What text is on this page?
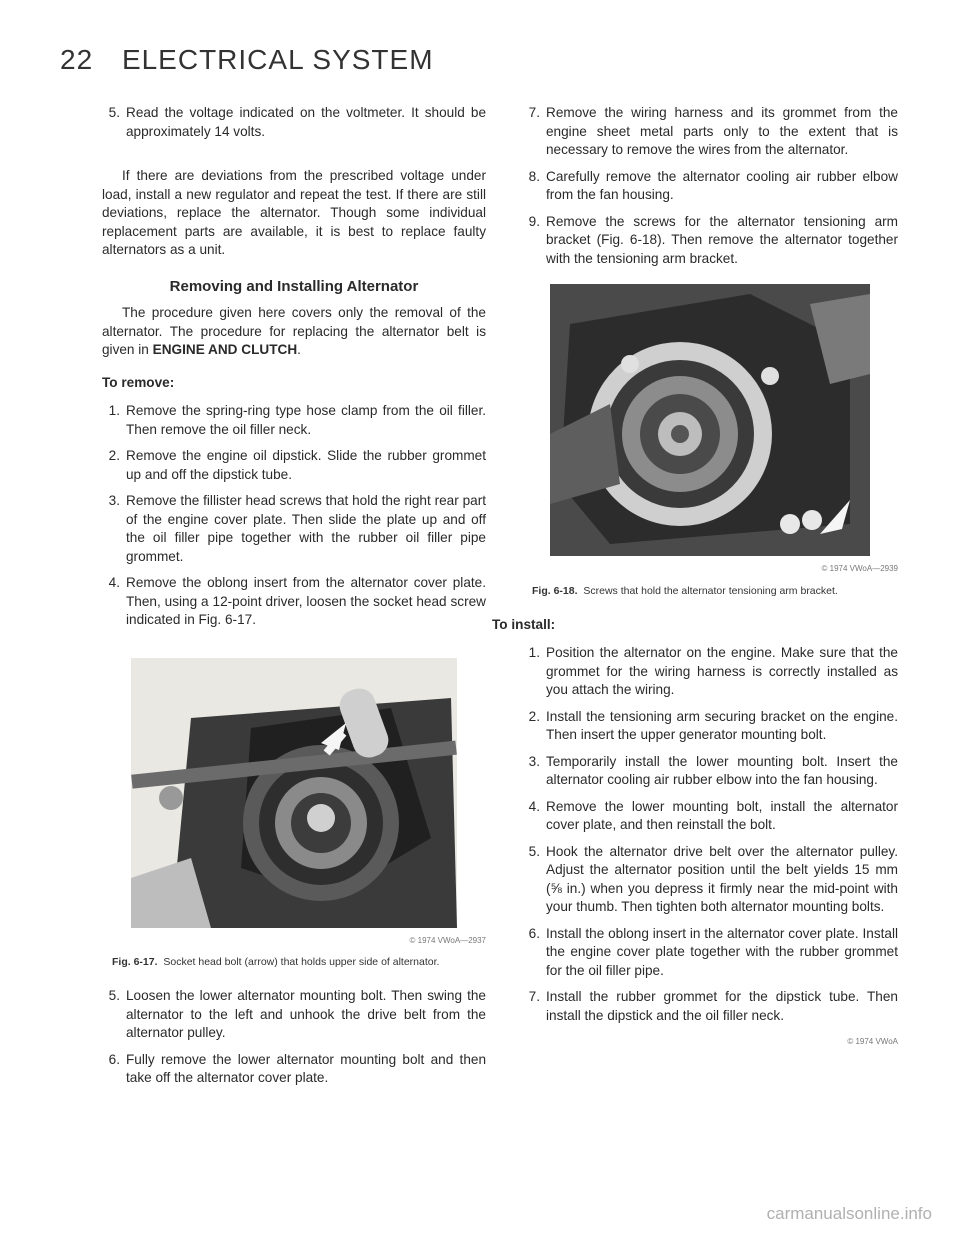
22 ELECTRICAL SYSTEM
5. Read the voltage indicated on the voltmeter. It should be approximately 14 volts.

If there are deviations from the prescribed voltage under load, install a new regulator and repeat the test. If there are still deviations, replace the alternator. Though some individual replacement parts are available, it is best to replace faulty alternators as a unit.

Removing and Installing Alternator

The procedure given here covers only the removal of the alternator. The procedure for replacing the alternator belt is given in ENGINE AND CLUTCH.

To remove:
1. Remove the spring-ring type hose clamp from the oil filler. Then remove the oil filler neck.
2. Remove the engine oil dipstick. Slide the rubber grommet up and off the dipstick tube.
3. Remove the fillister head screws that hold the right rear part of the engine cover plate. Then slide the plate up and off the oil filler pipe together with the rubber oil filler pipe grommet.
4. Remove the oblong insert from the alternator cover plate. Then, using a 12-point driver, loosen the socket head screw indicated in Fig. 6-17.
© 1974 VWoA—2937
Fig. 6-17. Socket head bolt (arrow) that holds upper side of alternator.
5. Loosen the lower alternator mounting bolt. Then swing the alternator to the left and unhook the drive belt from the alternator pulley.
6. Fully remove the lower alternator mounting bolt and then take off the alternator cover plate.
7. Remove the wiring harness and its grommet from the engine sheet metal parts only to the extent that is necessary to remove the wires from the alternator.
8. Carefully remove the alternator cooling air rubber elbow from the fan housing.
9. Remove the screws for the alternator tensioning arm bracket (Fig. 6-18). Then remove the alternator together with the tensioning arm bracket.
© 1974 VWoA—2939
Fig. 6-18. Screws that hold the alternator tensioning arm bracket.
To install:
1. Position the alternator on the engine. Make sure that the grommet for the wiring harness is correctly installed as you attach the wiring.
2. Install the tensioning arm securing bracket on the engine. Then insert the upper generator mounting bolt.
3. Temporarily install the lower mounting bolt. Insert the alternator cooling air rubber elbow into the fan housing.
4. Remove the lower mounting bolt, install the alternator cover plate, and then reinstall the bolt.
5. Hook the alternator drive belt over the alternator pulley. Adjust the alternator position until the belt yields 15 mm (⅝ in.) when you depress it firmly near the mid-point with your thumb. Then tighten both alternator mounting bolts.
6. Install the oblong insert in the alternator cover plate. Install the engine cover plate together with the rubber grommet for the oil filler pipe.
7. Install the rubber grommet for the dipstick tube. Then install the dipstick and the oil filler neck.
© 1974 VWoA
carmanualsonline.info
